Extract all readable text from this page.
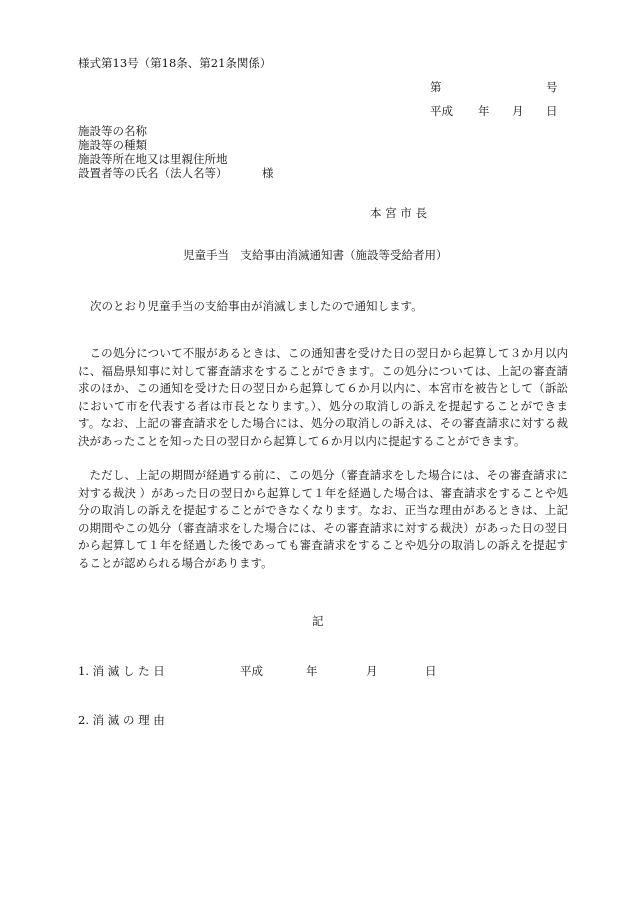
様式第13号（第18条、第21条関係）
第	号
平成 年 月 日
施設等の名称
施設等の種類
施設等所在地又は里親住所地
設置者等の氏名（法人名等）	様
本 宮 市 長
児童手当　支給事由消滅通知書（施設等受給者用）
次のとおり児童手当の支給事由が消滅しましたので通知します。
この処分について不服があるときは、この通知書を受けた日の翌日から起算して３か月以内に、福島県知事に対して審査請求をすることができます。この処分については、上記の審査請求のほか、この通知を受けた日の翌日から起算して６か月以内に、本宮市を被告として（訴訟において市を代表する者は市長となります。）、処分の取消しの訴えを提起することができます。なお、上記の審査請求をした場合には、処分の取消しの訴えは、その審査請求に対する裁決があったことを知った日の翌日から起算して６か月以内に提起することができます。
ただし、上記の期間が経過する前に、この処分（審査請求をした場合には、その審査請求に対する裁決 ）があった日の翌日から起算して１年を経過した場合は、審査請求をすることや処分の取消しの訴えを提起することができなくなります。なお、正当な理由があるときは、上記の期間やこの処分（審査請求をした場合には、その審査請求に対する裁決）があった日の翌日から起算して１年を経過した後であっても審査請求をすることや処分の取消しの訴えを提起することが認められる場合があります。
記
1. 消 滅 し た 日	平成	年	月	日
2. 消 滅 の 理 由
